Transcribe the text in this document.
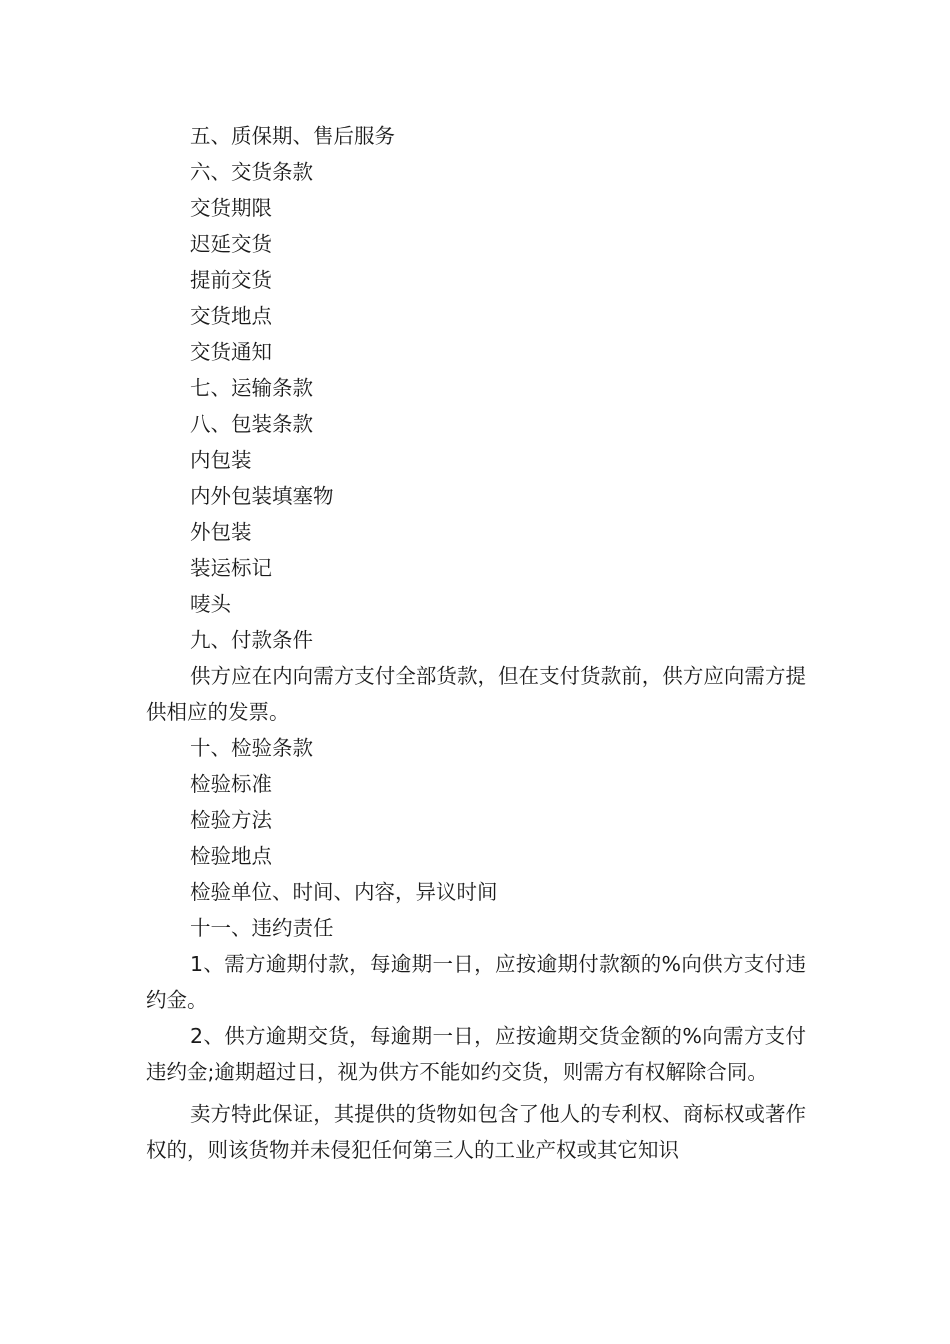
五、质保期、售后服务

六、交货条款

交货期限

迟延交货

提前交货

交货地点

交货通知

七、运输条款

八、包装条款

内包装

内外包装填塞物

外包装

装运标记

唛头

九、付款条件

供方应在内向需方支付全部货款，但在支付货款前，供方应向需方提供相应的发票。

十、检验条款

检验标准

检验方法

检验地点

检验单位、时间、内容，异议时间

十一、违约责任

1、需方逾期付款，每逾期一日，应按逾期付款额的%向供方支付违约金。

2、供方逾期交货，每逾期一日，应按逾期交货金额的%向需方支付违约金;逾期超过日，视为供方不能如约交货，则需方有权解除合同。

卖方特此保证，其提供的货物如包含了他人的专利权、商标权或著作权的，则该货物并未侵犯任何第三人的工业产权或其它知识
